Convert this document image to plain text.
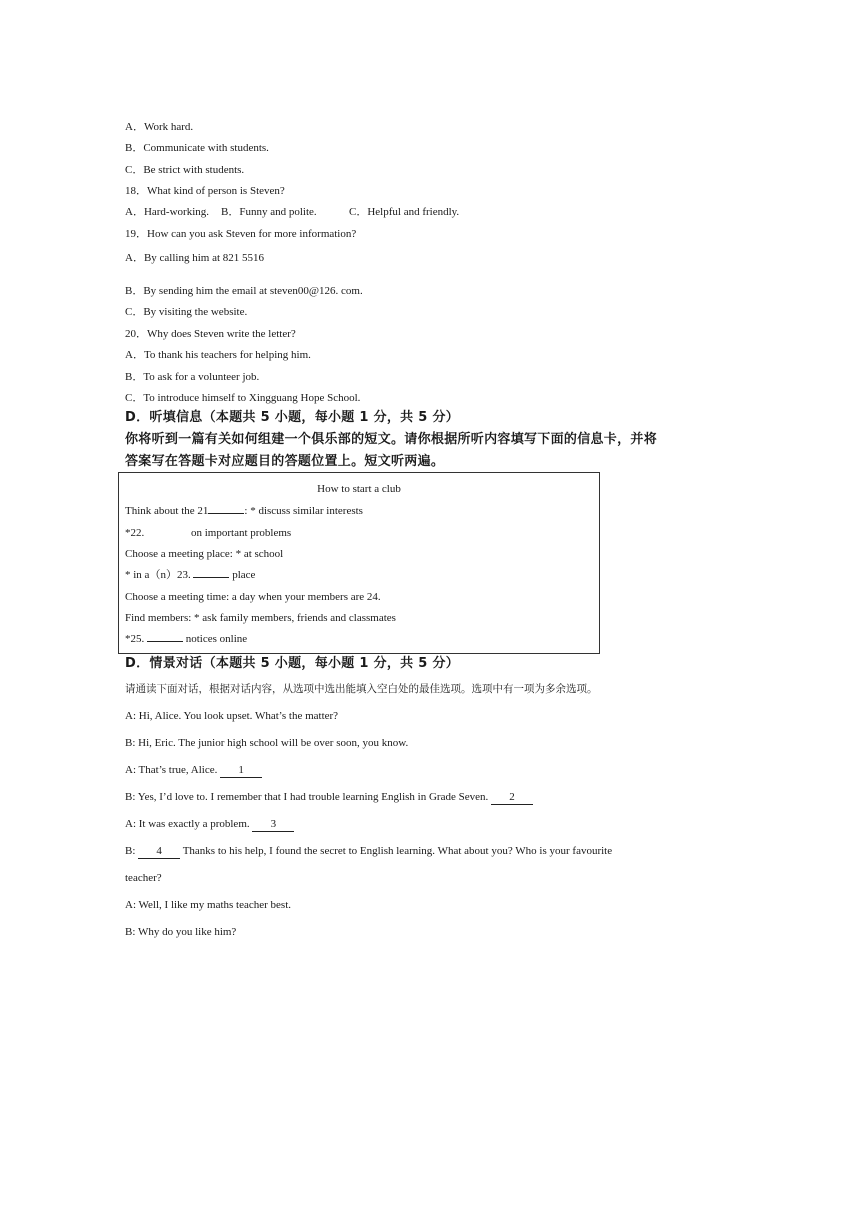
A．Work hard.
B．Communicate with students.
C．Be strict with students.
18．What kind of person is Steven?
A．Hard-working. B．Funny and polite.	C．Helpful and friendly.
19．How can you ask Steven for more information?
A．By calling him at 821 5516
B．By sending him the email at steven00@126. com.
C．By visiting the website.
20．Why does Steven write the letter?
A．To thank his teachers for helping him.
B．To ask for a volunteer job.
C．To introduce himself to Xingguang Hope School.
D．听填信息（本题共 5 小题，每小题 1 分，共 5 分）
你将听到一篇有关如何组建一个俱乐部的短文。请你根据所听内容填写下面的信息卡，并将
答案写在答题卡对应题目的答题位置上。短文听两遍。
How to start a club
Think about the 21	: * discuss similar interests
*22.	on important problems
Choose a meeting place: * at school
* in a（n）23.	place
Choose a meeting time: a day when your members are 24.
Find members: * ask family members, friends and classmates
*25.	notices online
D．情景对话（本题共 5 小题，每小题 1 分，共 5 分）
请通读下面对话，根据对话内容，从选项中选出能填入空白处的最佳选项。选项中有一项为多余选项。
A: Hi, Alice. You look upset. What’s the matter?
B: Hi, Eric. The junior high school will be over soon, you know.
A: That’s true, Alice. 1
B: Yes, I’d love to. I remember that I had trouble learning English in Grade Seven. 2
A: It was exactly a problem. 3
B: 4 Thanks to his help, I found the secret to English learning. What about you? Who is your favourite
teacher?
A: Well, I like my maths teacher best.
B: Why do you like him?
